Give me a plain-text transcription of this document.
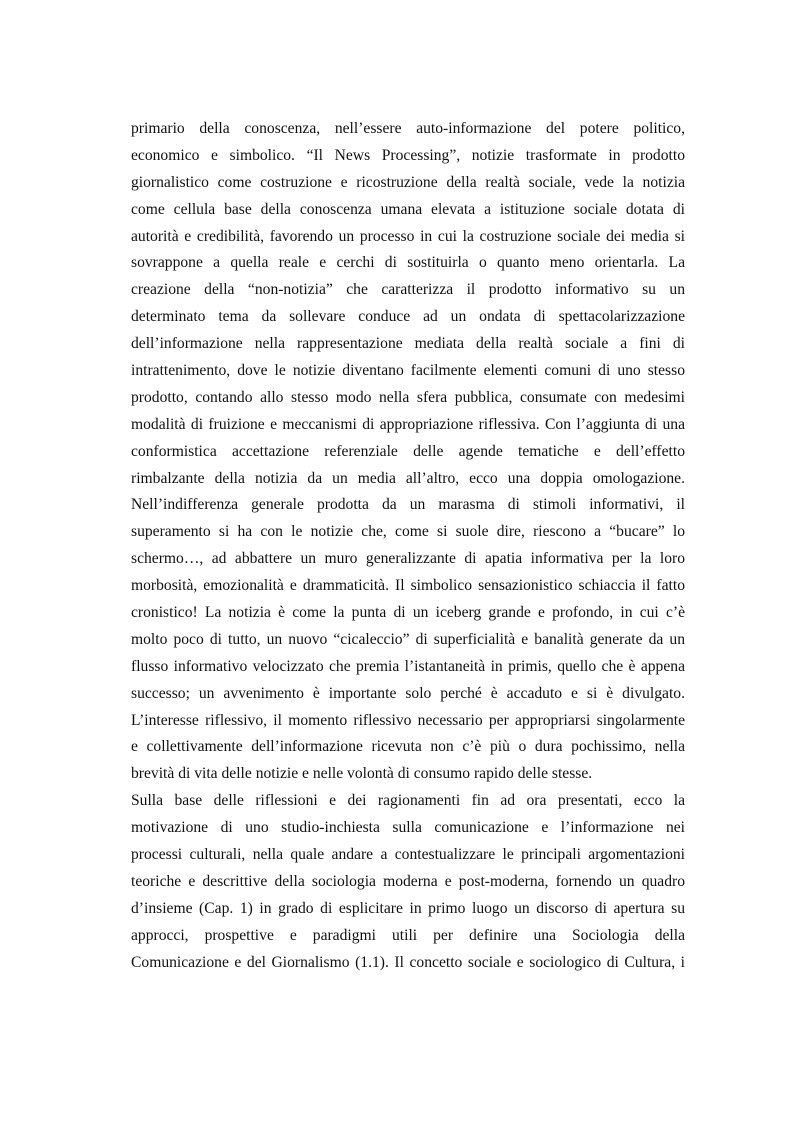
primario della conoscenza, nell’essere auto-informazione del potere politico,
economico e simbolico. “Il News Processing”, notizie trasformate in prodotto
giornalistico come costruzione e ricostruzione della realtà sociale, vede la notizia
come cellula base della conoscenza umana elevata a istituzione sociale dotata di
autorità e credibilità, favorendo un processo in cui la costruzione sociale dei media si
sovrappone a quella reale e cerchi di sostituirla o quanto meno orientarla. La
creazione della “non-notizia” che caratterizza il prodotto informativo su un
determinato tema da sollevare conduce ad un ondata di spettacolarizzazione
dell’informazione nella rappresentazione mediata della realtà sociale a fini di
intrattenimento, dove le notizie diventano facilmente elementi comuni di uno stesso
prodotto, contando allo stesso modo nella sfera pubblica, consumate con medesimi
modalità di fruizione e meccanismi di appropriazione riflessiva. Con l’aggiunta di una
conformistica accettazione referenziale delle agende tematiche e dell’effetto
rimbalzante della notizia da un media all’altro, ecco una doppia omologazione.
Nell’indifferenza generale prodotta da un marasma di stimoli informativi, il
superamento si ha con le notizie che, come si suole dire, riescono a “bucare” lo
schermo…, ad abbattere un muro generalizzante di apatia informativa per la loro
morbosità, emozionalità e drammaticità. Il simbolico sensazionistico schiaccia il fatto
cronistico! La notizia è come la punta di un iceberg grande e profondo, in cui c’è
molto poco di tutto, un nuovo “cicaleccio” di superficialità e banalità generate da un
flusso informativo velocizzato che premia l’istantaneità in primis, quello che è appena
successo; un avvenimento è importante solo perché è accaduto e si è divulgato.
L’interesse riflessivo, il momento riflessivo necessario per appropriarsi singolarmente
e collettivamente dell’informazione ricevuta non c’è più o dura pochissimo, nella
brevità di vita delle notizie e nelle volontà di consumo rapido delle stesse.
Sulla base delle riflessioni e dei ragionamenti fin ad ora presentati, ecco la
motivazione di uno studio-inchiesta sulla comunicazione e l’informazione nei
processi culturali, nella quale andare a contestualizzare le principali argomentazioni
teoriche e descrittive della sociologia moderna e post-moderna, fornendo un quadro
d’insieme (Cap. 1) in grado di esplicitare in primo luogo un discorso di apertura su
approcci, prospettive e paradigmi utili per definire una Sociologia della
Comunicazione e del Giornalismo (1.1). Il concetto sociale e sociologico di Cultura, i
